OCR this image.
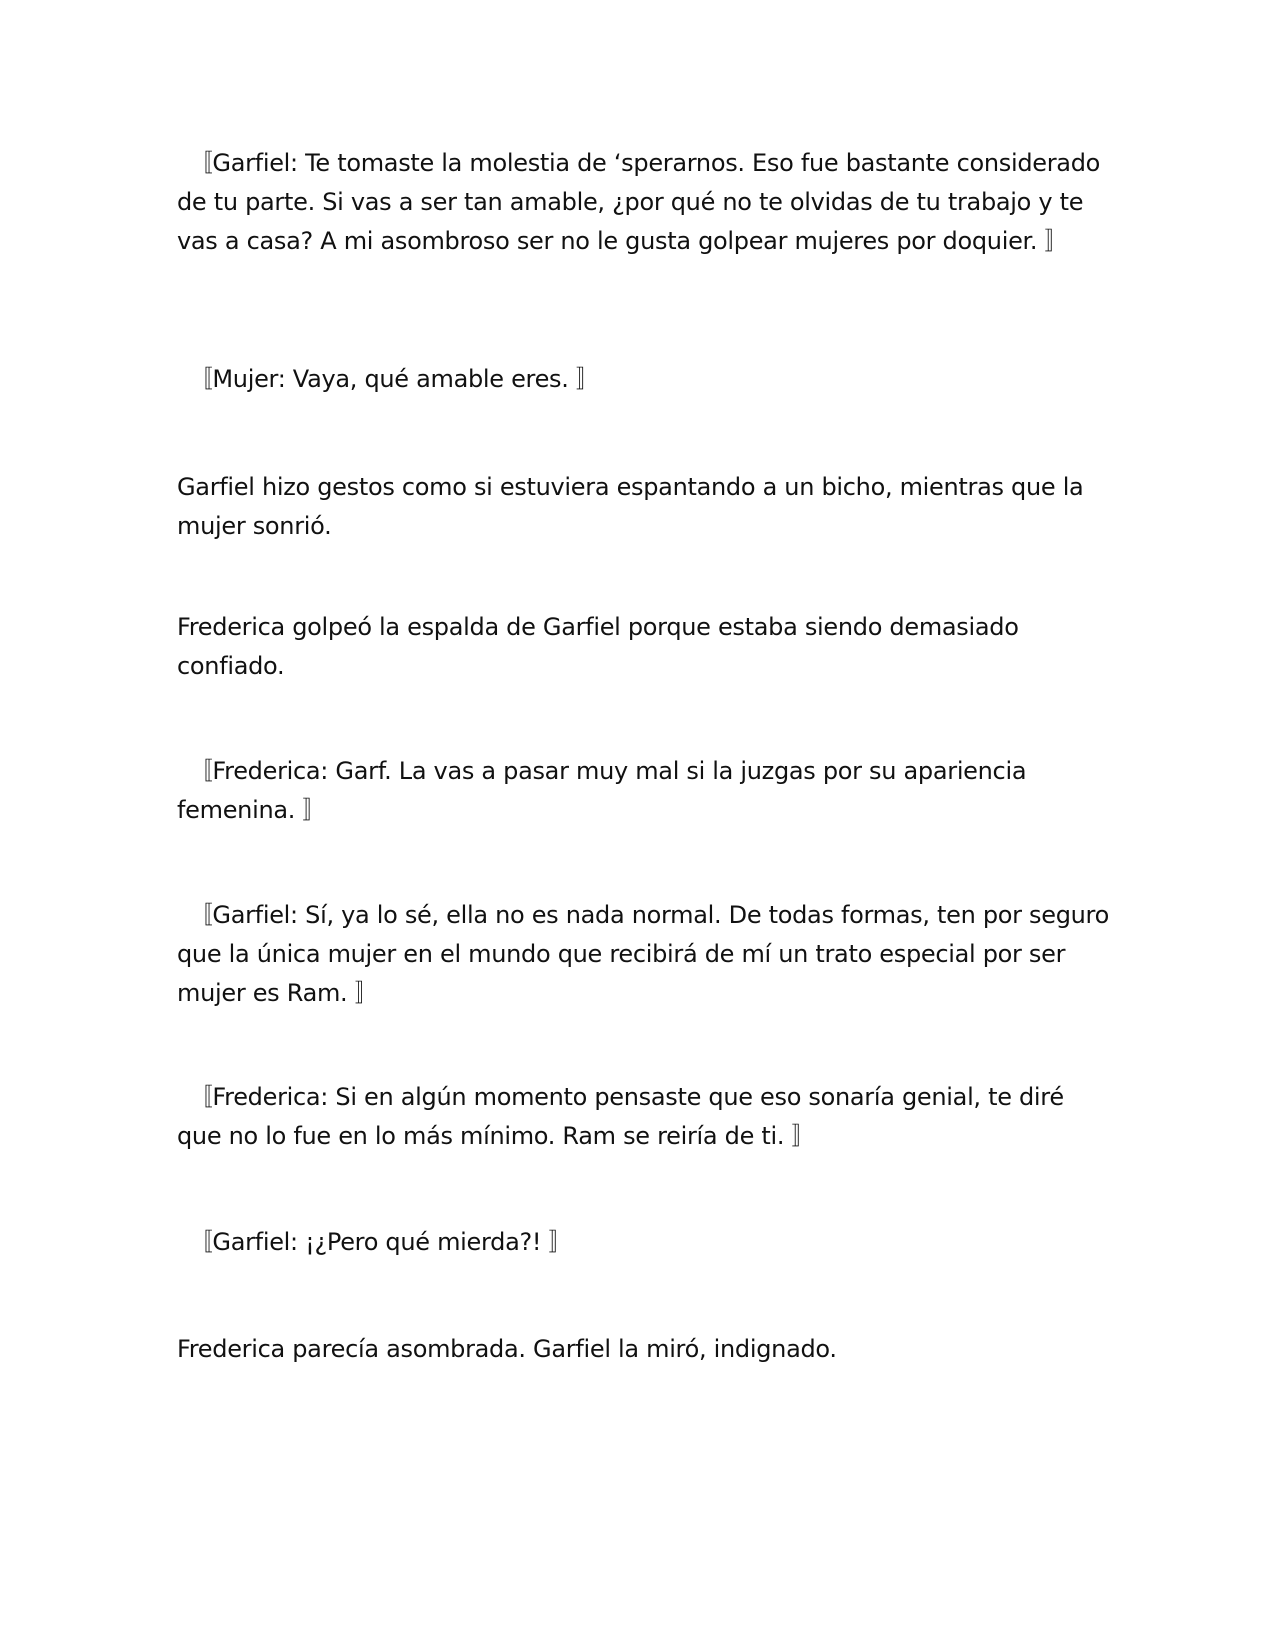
　〚Garfiel: Te tomaste la molestia de ‘sperarnos. Eso fue bastante considerado de tu parte. Si vas a ser tan amable, ¿por qué no te olvidas de tu trabajo y te vas a casa? A mi asombroso ser no le gusta golpear mujeres por doquier. 〛

　〚Mujer: Vaya, qué amable eres. 〛

Garfiel hizo gestos como si estuviera espantando a un bicho, mientras que la mujer sonrió.

Frederica golpeó la espalda de Garfiel porque estaba siendo demasiado confiado.

　〚Frederica: Garf. La vas a pasar muy mal si la juzgas por su apariencia femenina. 〛

　〚Garfiel: Sí, ya lo sé, ella no es nada normal. De todas formas, ten por seguro que la única mujer en el mundo que recibirá de mí un trato especial por ser mujer es Ram. 〛

　〚Frederica: Si en algún momento pensaste que eso sonaría genial, te diré que no lo fue en lo más mínimo. Ram se reiría de ti. 〛

　〚Garfiel: ¡¿Pero qué mierda?! 〛

Frederica parecía asombrada. Garfiel la miró, indignado.
